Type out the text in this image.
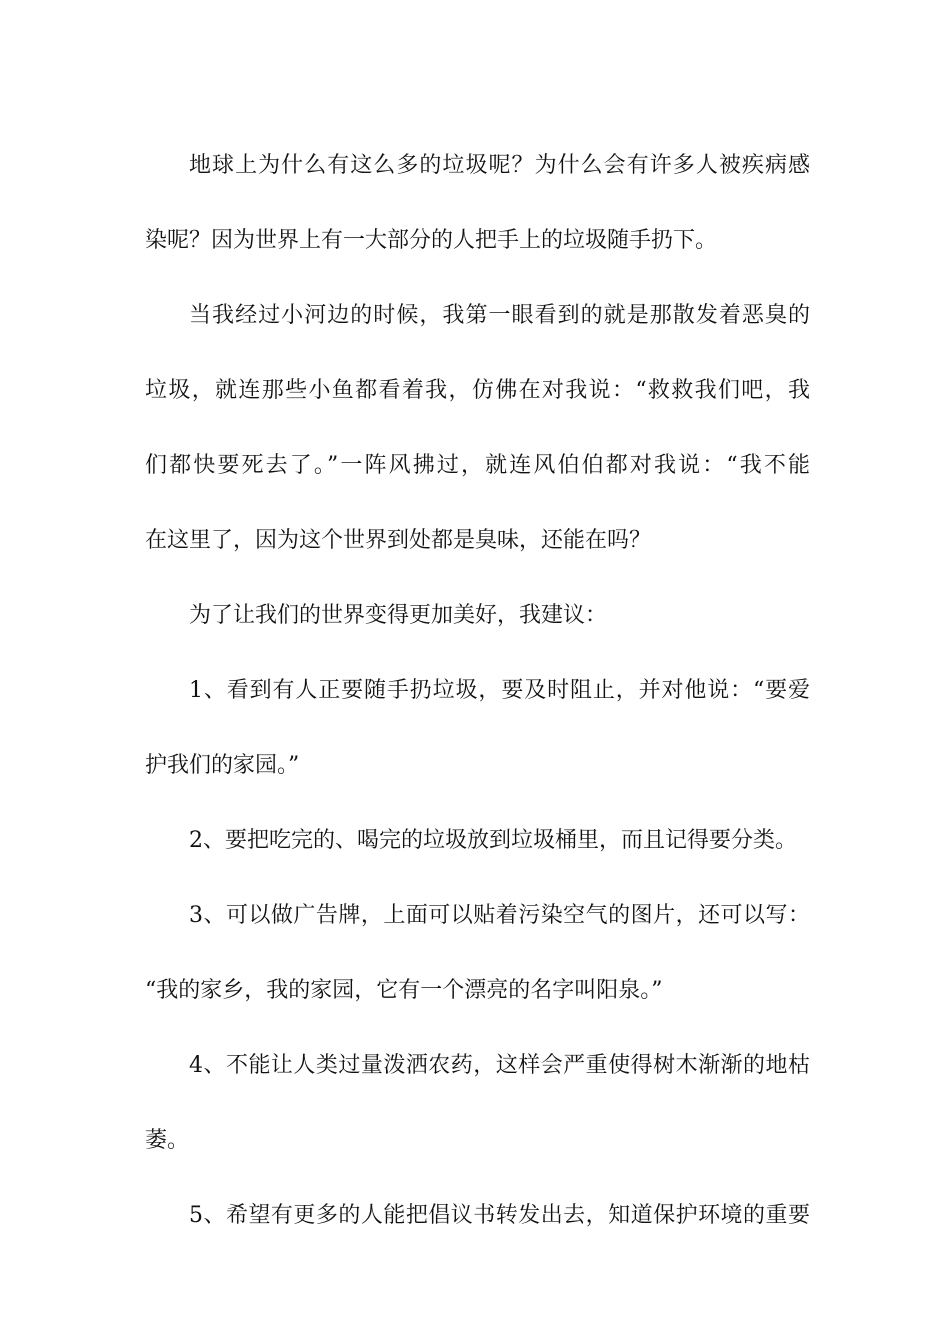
地球上为什么有这么多的垃圾呢？为什么会有许多人被疾病感
染呢？因为世界上有一大部分的人把手上的垃圾随手扔下。
当我经过小河边的时候，我第一眼看到的就是那散发着恶臭的
垃圾，就连那些小鱼都看着我，仿佛在对我说：“救救我们吧，我
们都快要死去了。”一阵风拂过，就连风伯伯都对我说：“我不能
在这里了，因为这个世界到处都是臭味，还能在吗？
为了让我们的世界变得更加美好，我建议：
1、看到有人正要随手扔垃圾，要及时阻止，并对他说：“要爱
护我们的家园。”
2、要把吃完的、喝完的垃圾放到垃圾桶里，而且记得要分类。
3、可以做广告牌，上面可以贴着污染空气的图片，还可以写：
“我的家乡，我的家园，它有一个漂亮的名字叫阳泉。”
4、不能让人类过量泼洒农药，这样会严重使得树木渐渐的地枯
萎。
5、希望有更多的人能把倡议书转发出去，知道保护环境的重要
